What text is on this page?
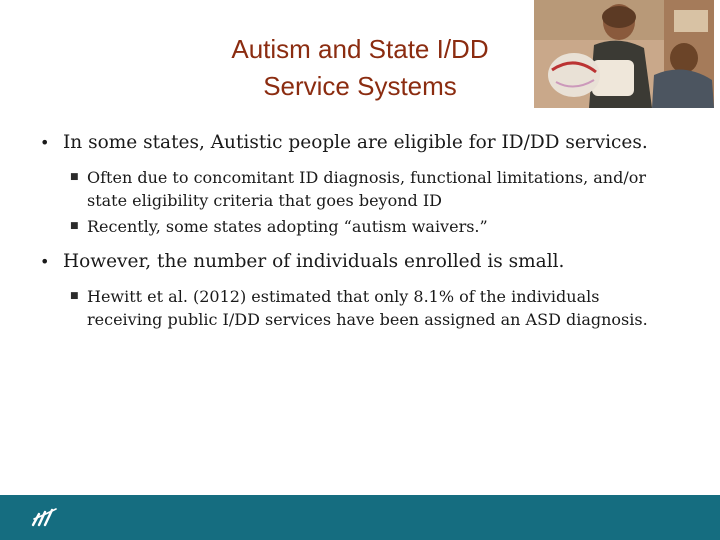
Autism and State I/DD
Service Systems
• In some states, Autistic people are eligible for ID/DD services.
■ Often due to concomitant ID diagnosis, functional limitations, and/or state eligibility criteria that goes beyond ID
■ Recently, some states adopting “autism waivers.”
• However, the number of individuals enrolled is small.
■ Hewitt et al. (2012) estimated that only 8.1% of the individuals receiving public I/DD services have been assigned an ASD diagnosis.
